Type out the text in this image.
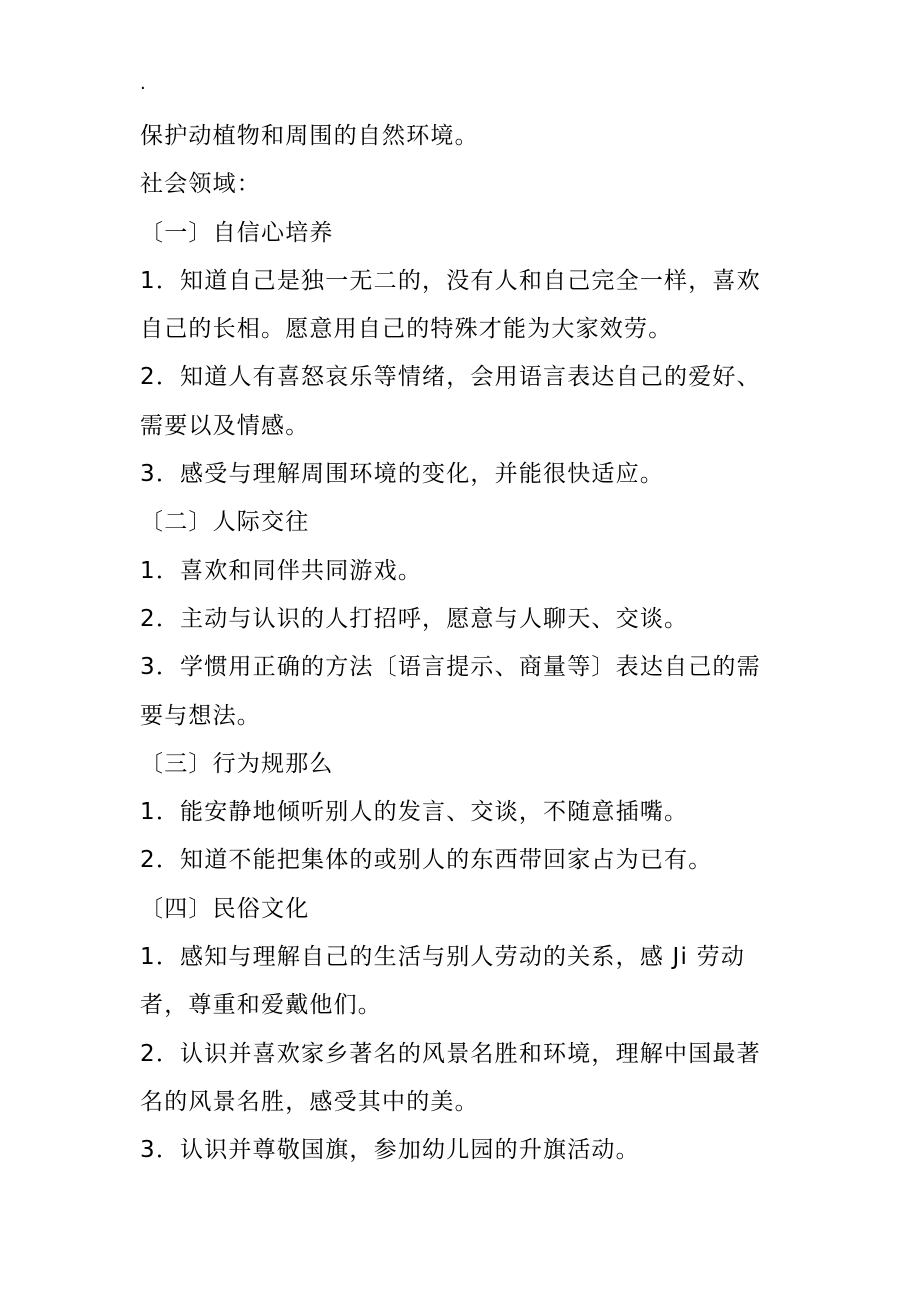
.
保护动植物和周围的自然环境。
社会领域：
〔一〕自信心培养
1．知道自己是独一无二的，没有人和自己完全一样，喜欢
自己的长相。愿意用自己的特殊才能为大家效劳。
2．知道人有喜怒哀乐等情绪，会用语言表达自己的爱好、
需要以及情感。
3．感受与理解周围环境的变化，并能很快适应。
〔二〕人际交往
1．喜欢和同伴共同游戏。
2．主动与认识的人打招呼，愿意与人聊天、交谈。
3．学惯用正确的方法〔语言提示、商量等〕表达自己的需
要与想法。
〔三〕行为规那么
1．能安静地倾听别人的发言、交谈，不随意插嘴。
2．知道不能把集体的或别人的东西带回家占为已有。
〔四〕民俗文化
1．感知与理解自己的生活与别人劳动的关系，感 Ji 劳动
者，尊重和爱戴他们。
2．认识并喜欢家乡著名的风景名胜和环境，理解中国最著
名的风景名胜，感受其中的美。
3．认识并尊敬国旗，参加幼儿园的升旗活动。
